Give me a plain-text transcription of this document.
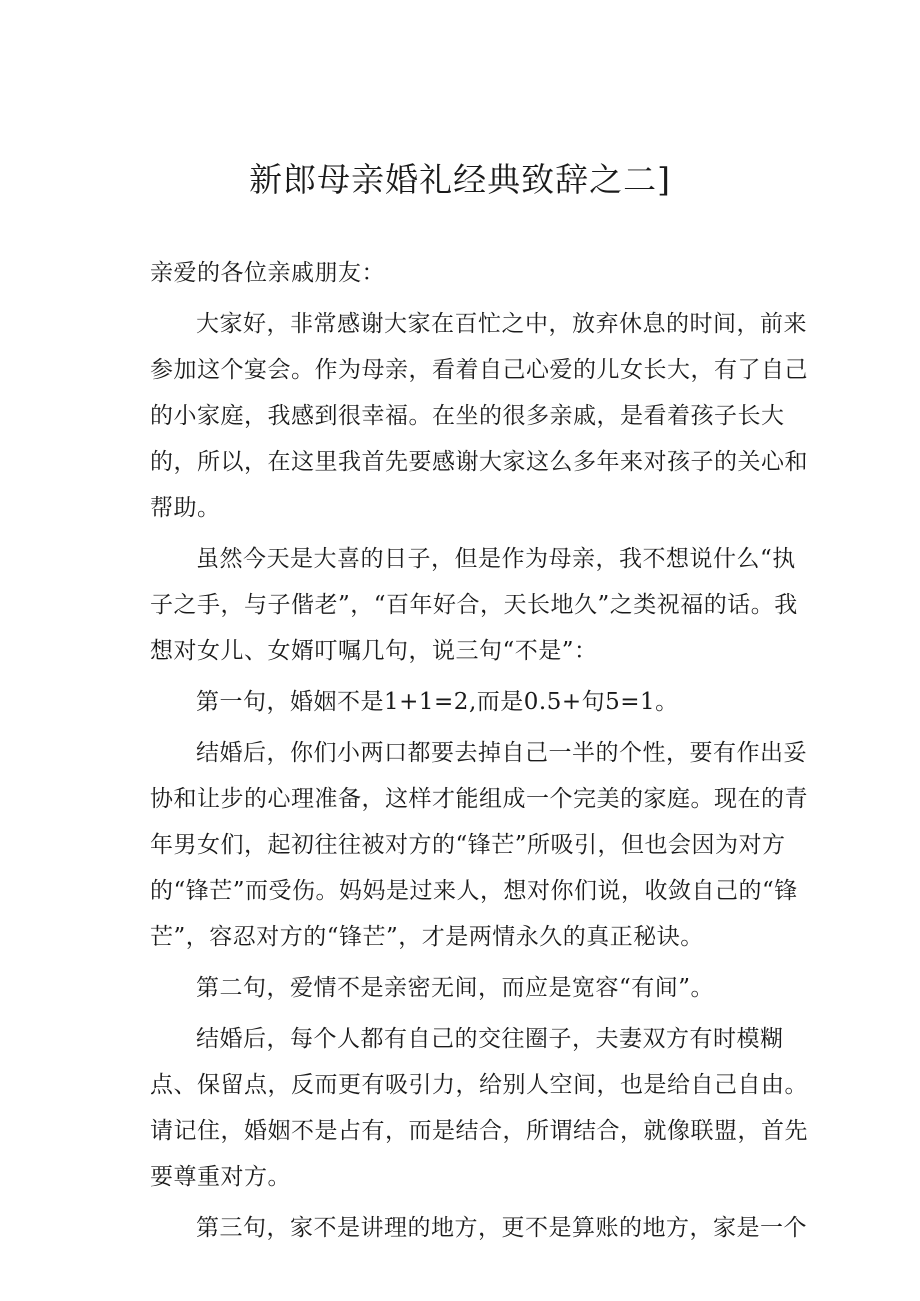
新郎母亲婚礼经典致辞之二]

亲爱的各位亲戚朋友：

大家好，非常感谢大家在百忙之中，放弃休息的时间，前来参加这个宴会。作为母亲，看着自己心爱的儿女长大，有了自己的小家庭，我感到很幸福。在坐的很多亲戚，是看着孩子长大的，所以，在这里我首先要感谢大家这么多年来对孩子的关心和帮助。

虽然今天是大喜的日子，但是作为母亲，我不想说什么“执子之手，与子偕老”，“百年好合，天长地久”之类祝福的话。我想对女儿、女婿叮嘱几句，说三句“不是”：

第一句，婚姻不是1+1=2,而是0.5+句5=1。

结婚后，你们小两口都要去掉自己一半的个性，要有作出妥协和让步的心理准备，这样才能组成一个完美的家庭。现在的青年男女们，起初往往被对方的“锋芒”所吸引，但也会因为对方的“锋芒”而受伤。妈妈是过来人，想对你们说，收敛自己的“锋芒”，容忍对方的“锋芒”，才是两情永久的真正秘诀。

第二句，爱情不是亲密无间，而应是宽容“有间”。

结婚后，每个人都有自己的交往圈子，夫妻双方有时模糊点、保留点，反而更有吸引力，给别人空间，也是给自己自由。请记住，婚姻不是占有，而是结合，所谓结合，就像联盟，首先要尊重对方。

第三句，家不是讲理的地方，更不是算账的地方，家是一个
